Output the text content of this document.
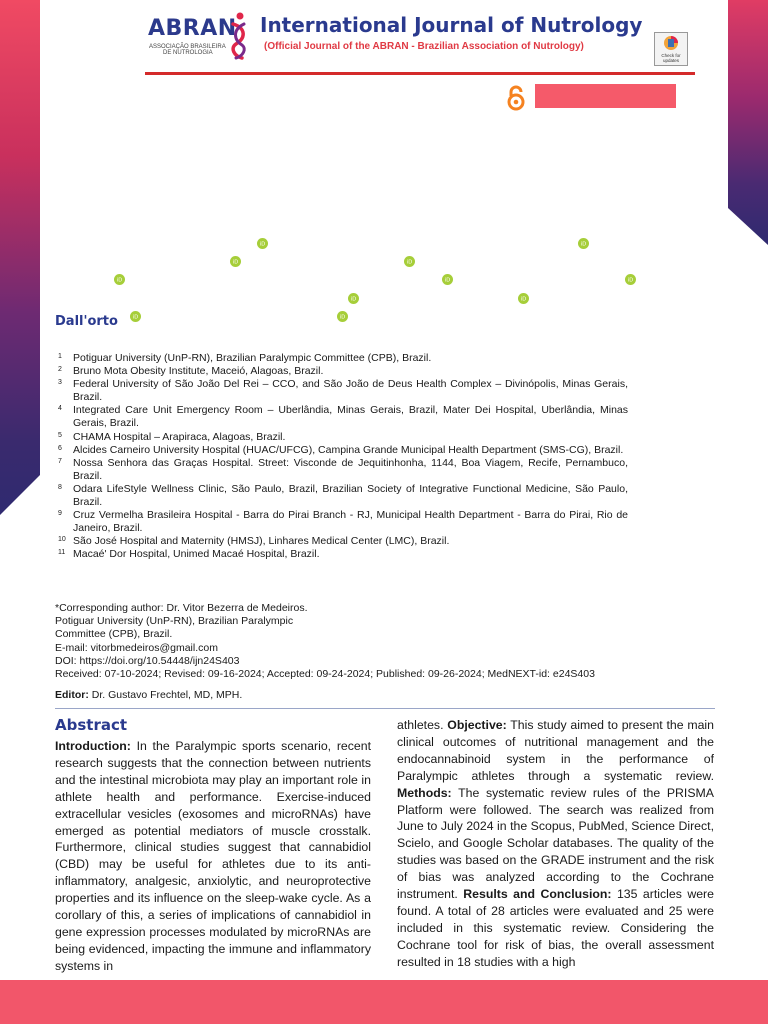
ABRAN
ASSOCIAÇÃO BRASILEIRA
DE NUTROLOGIA
International Journal of Nutrology
(Official Journal of the ABRAN - Brazilian Association of Nutrology)
Check for
updates
iD	iD
iD	iD
iD	iD	iD
iD	iD
iD	iD
Dall'orto
1	Potiguar University (UnP-RN), Brazilian Paralympic Committee (CPB), Brazil.
2	Bruno Mota Obesity Institute, Maceió, Alagoas, Brazil.
3	Federal University of São João Del Rei – CCO, and São João de Deus Health Complex – Divinópolis, Minas Gerais, Brazil.
4	Integrated Care Unit Emergency Room – Uberlândia, Minas Gerais, Brazil, Mater Dei Hospital, Uberlândia, Minas Gerais, Brazil.
5	CHAMA Hospital – Arapiraca, Alagoas, Brazil.
6	Alcides Carneiro University Hospital (HUAC/UFCG), Campina Grande Municipal Health Department (SMS-CG), Brazil.
7	Nossa Senhora das Graças Hospital. Street: Visconde de Jequitinhonha, 1144, Boa Viagem, Recife, Pernambuco, Brazil.
8	Odara LifeStyle Wellness Clinic, São Paulo, Brazil, Brazilian Society of Integrative Functional Medicine, São Paulo, Brazil.
9	Cruz Vermelha Brasileira Hospital - Barra do Pirai Branch - RJ, Municipal Health Department - Barra do Pirai, Rio de Janeiro, Brazil.
10 São José Hospital and Maternity (HMSJ), Linhares Medical Center (LMC), Brazil.
11 Macaé' Dor Hospital, Unimed Macaé Hospital, Brazil.
*Corresponding author: Dr. Vitor Bezerra de Medeiros.
Potiguar University (UnP-RN), Brazilian Paralympic
Committee (CPB), Brazil.
E-mail: vitorbmedeiros@gmail.com
DOI: https://doi.org/10.54448/ijn24S403
Received: 07-10-2024; Revised: 09-16-2024; Accepted: 09-24-2024; Published: 09-26-2024; MedNEXT-id: e24S403
Editor: Dr. Gustavo Frechtel, MD, MPH.
Abstract
Introduction: In the Paralympic sports scenario, recent research suggests that the connection between nutrients and the intestinal microbiota may play an important role in athlete health and performance. Exercise-induced extracellular vesicles (exosomes and microRNAs) have emerged as potential mediators of muscle crosstalk. Furthermore, clinical studies suggest that cannabidiol (CBD) may be useful for athletes due to its anti-inflammatory, analgesic, anxiolytic, and neuroprotective properties and its influence on the sleep-wake cycle. As a corollary of this, a series of implications of cannabidiol in gene expression processes modulated by microRNAs are being evidenced, impacting the immune and inflammatory systems in
athletes. Objective: This study aimed to present the main clinical outcomes of nutritional management and the endocannabinoid system in the performance of Paralympic athletes through a systematic review. Methods: The systematic review rules of the PRISMA Platform were followed. The search was realized from June to July 2024 in the Scopus, PubMed, Science Direct, Scielo, and Google Scholar databases. The quality of the studies was based on the GRADE instrument and the risk of bias was analyzed according to the Cochrane instrument. Results and Conclusion: 135 articles were found. A total of 28 articles were evaluated and 25 were included in this systematic review. Considering the Cochrane tool for risk of bias, the overall assessment resulted in 18 studies with a high
